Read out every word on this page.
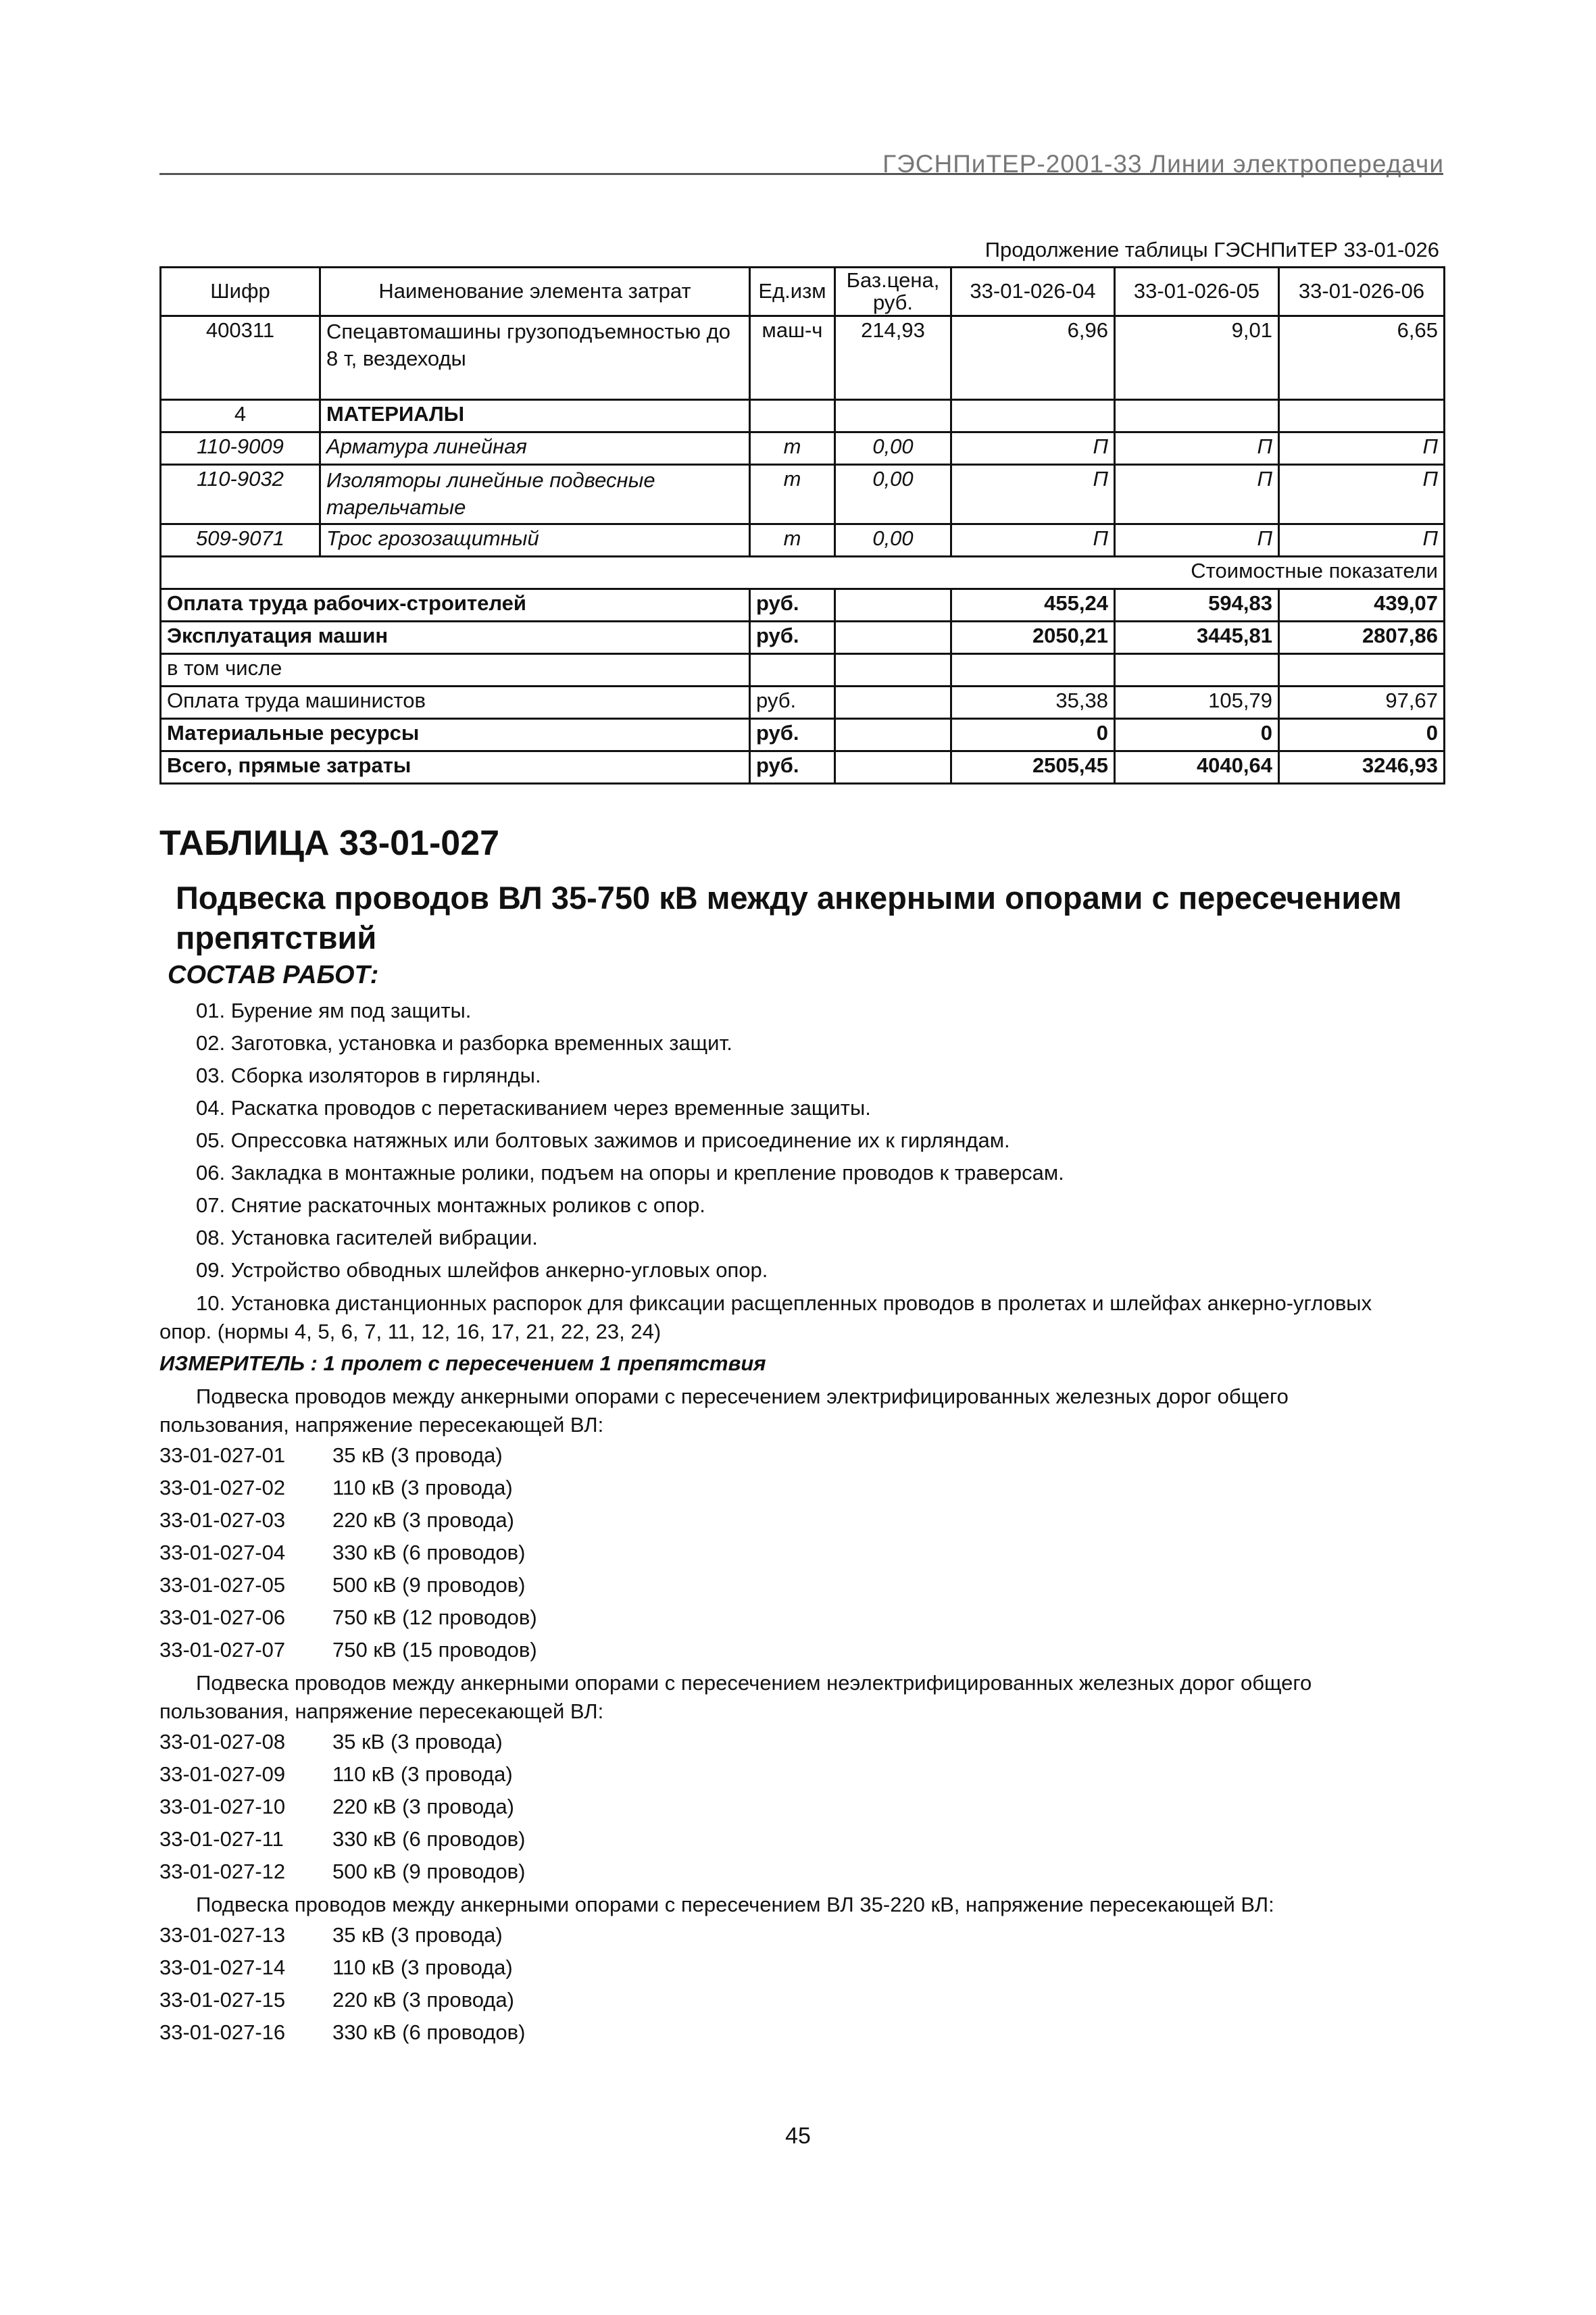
ГЭСНПиТЕР-2001-33 Линии электропередачи
Продолжение таблицы ГЭСНПиТЕР 33-01-026
Шифр	Наименование элемента затрат	Ед.изм	Баз.цена, руб.	33-01-026-04	33-01-026-05	33-01-026-06
400311	Спецавтомашины грузоподъемностью до 8 т, вездеходы	маш-ч	214,93	6,96	9,01	6,65
4	МАТЕРИАЛЫ					
110-9009	Арматура линейная	т	0,00	П	П	П
110-9032	Изоляторы линейные подвесные тарельчатые	т	0,00	П	П	П
509-9071	Трос грозозащитный	т	0,00	П	П	П
Стоимостные показатели						
Оплата труда рабочих-строителей		руб.		455,24	594,83	439,07
Эксплуатация машин		руб.		2050,21	3445,81	2807,86
в том числе						
Оплата труда машинистов		руб.		35,38	105,79	97,67
Материальные ресурсы		руб.		0	0	0
Всего, прямые затраты		руб.		2505,45	4040,64	3246,93
ТАБЛИЦА 33-01-027
Подвеска проводов ВЛ 35-750 кВ между анкерными опорами с пересечением препятствий
СОСТАВ РАБОТ:
01. Бурение ям под защиты.
02. Заготовка, установка и разборка временных защит.
03. Сборка изоляторов в гирлянды.
04. Раскатка проводов с перетаскиванием через временные защиты.
05. Опрессовка натяжных или болтовых зажимов и присоединение их к гирляндам.
06. Закладка в монтажные ролики, подъем на опоры и крепление проводов к траверсам.
07. Снятие раскаточных монтажных роликов с опор.
08. Установка гасителей вибрации.
09. Устройство обводных шлейфов анкерно-угловых опор.
10. Установка дистанционных распорок для фиксации расщепленных проводов в пролетах и шлейфах анкерно-угловых
опор. (нормы 4, 5, 6, 7, 11, 12, 16, 17, 21, 22, 23, 24)
ИЗМЕРИТЕЛЬ : 1 пролет с пересечением 1 препятствия
Подвеска проводов между анкерными опорами с пересечением электрифицированных железных дорог общего
пользования, напряжение пересекающей ВЛ:
33-01-027-01	35 кВ (3 провода)
33-01-027-02	110 кВ (3 провода)
33-01-027-03	220 кВ (3 провода)
33-01-027-04	330 кВ (6 проводов)
33-01-027-05	500 кВ (9 проводов)
33-01-027-06	750 кВ (12 проводов)
33-01-027-07	750 кВ (15 проводов)
Подвеска проводов между анкерными опорами с пересечением неэлектрифицированных железных дорог общего
пользования, напряжение пересекающей ВЛ:
33-01-027-08	35 кВ (3 провода)
33-01-027-09	110 кВ (3 провода)
33-01-027-10	220 кВ (3 провода)
33-01-027-11	330 кВ (6 проводов)
33-01-027-12	500 кВ (9 проводов)
Подвеска проводов между анкерными опорами с пересечением ВЛ 35-220 кВ, напряжение пересекающей ВЛ:
33-01-027-13	35 кВ (3 провода)
33-01-027-14	110 кВ (3 провода)
33-01-027-15	220 кВ (3 провода)
33-01-027-16	330 кВ (6 проводов)
45
